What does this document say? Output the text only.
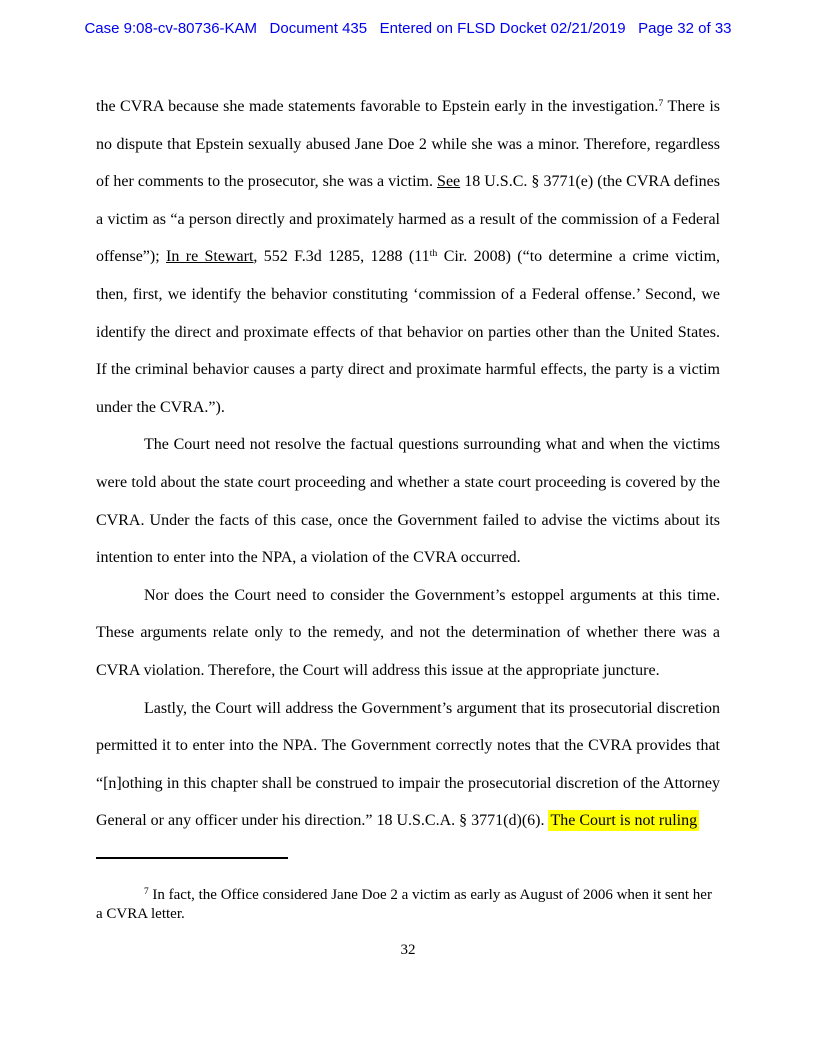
Case 9:08-cv-80736-KAM   Document 435   Entered on FLSD Docket 02/21/2019   Page 32 of 33
the CVRA because she made statements favorable to Epstein early in the investigation.$^7$ There is no dispute that Epstein sexually abused Jane Doe 2 while she was a minor. Therefore, regardless of her comments to the prosecutor, she was a victim. See 18 U.S.C. § 3771(e) (the CVRA defines a victim as “a person directly and proximately harmed as a result of the commission of a Federal offense”); In re Stewart, 552 F.3d 1285, 1288 (11th Cir. 2008) (“to determine a crime victim, then, first, we identify the behavior constituting ‘commission of a Federal offense.’ Second, we identify the direct and proximate effects of that behavior on parties other than the United States. If the criminal behavior causes a party direct and proximate harmful effects, the party is a victim under the CVRA.”).
The Court need not resolve the factual questions surrounding what and when the victims were told about the state court proceeding and whether a state court proceeding is covered by the CVRA. Under the facts of this case, once the Government failed to advise the victims about its intention to enter into the NPA, a violation of the CVRA occurred.
Nor does the Court need to consider the Government’s estoppel arguments at this time. These arguments relate only to the remedy, and not the determination of whether there was a CVRA violation. Therefore, the Court will address this issue at the appropriate juncture.
Lastly, the Court will address the Government’s argument that its prosecutorial discretion permitted it to enter into the NPA. The Government correctly notes that the CVRA provides that “[n]othing in this chapter shall be construed to impair the prosecutorial discretion of the Attorney General or any officer under his direction.” 18 U.S.C.A. § 3771(d)(6). The Court is not ruling
$^7$ In fact, the Office considered Jane Doe 2 a victim as early as August of 2006 when it sent her a CVRA letter.
32
